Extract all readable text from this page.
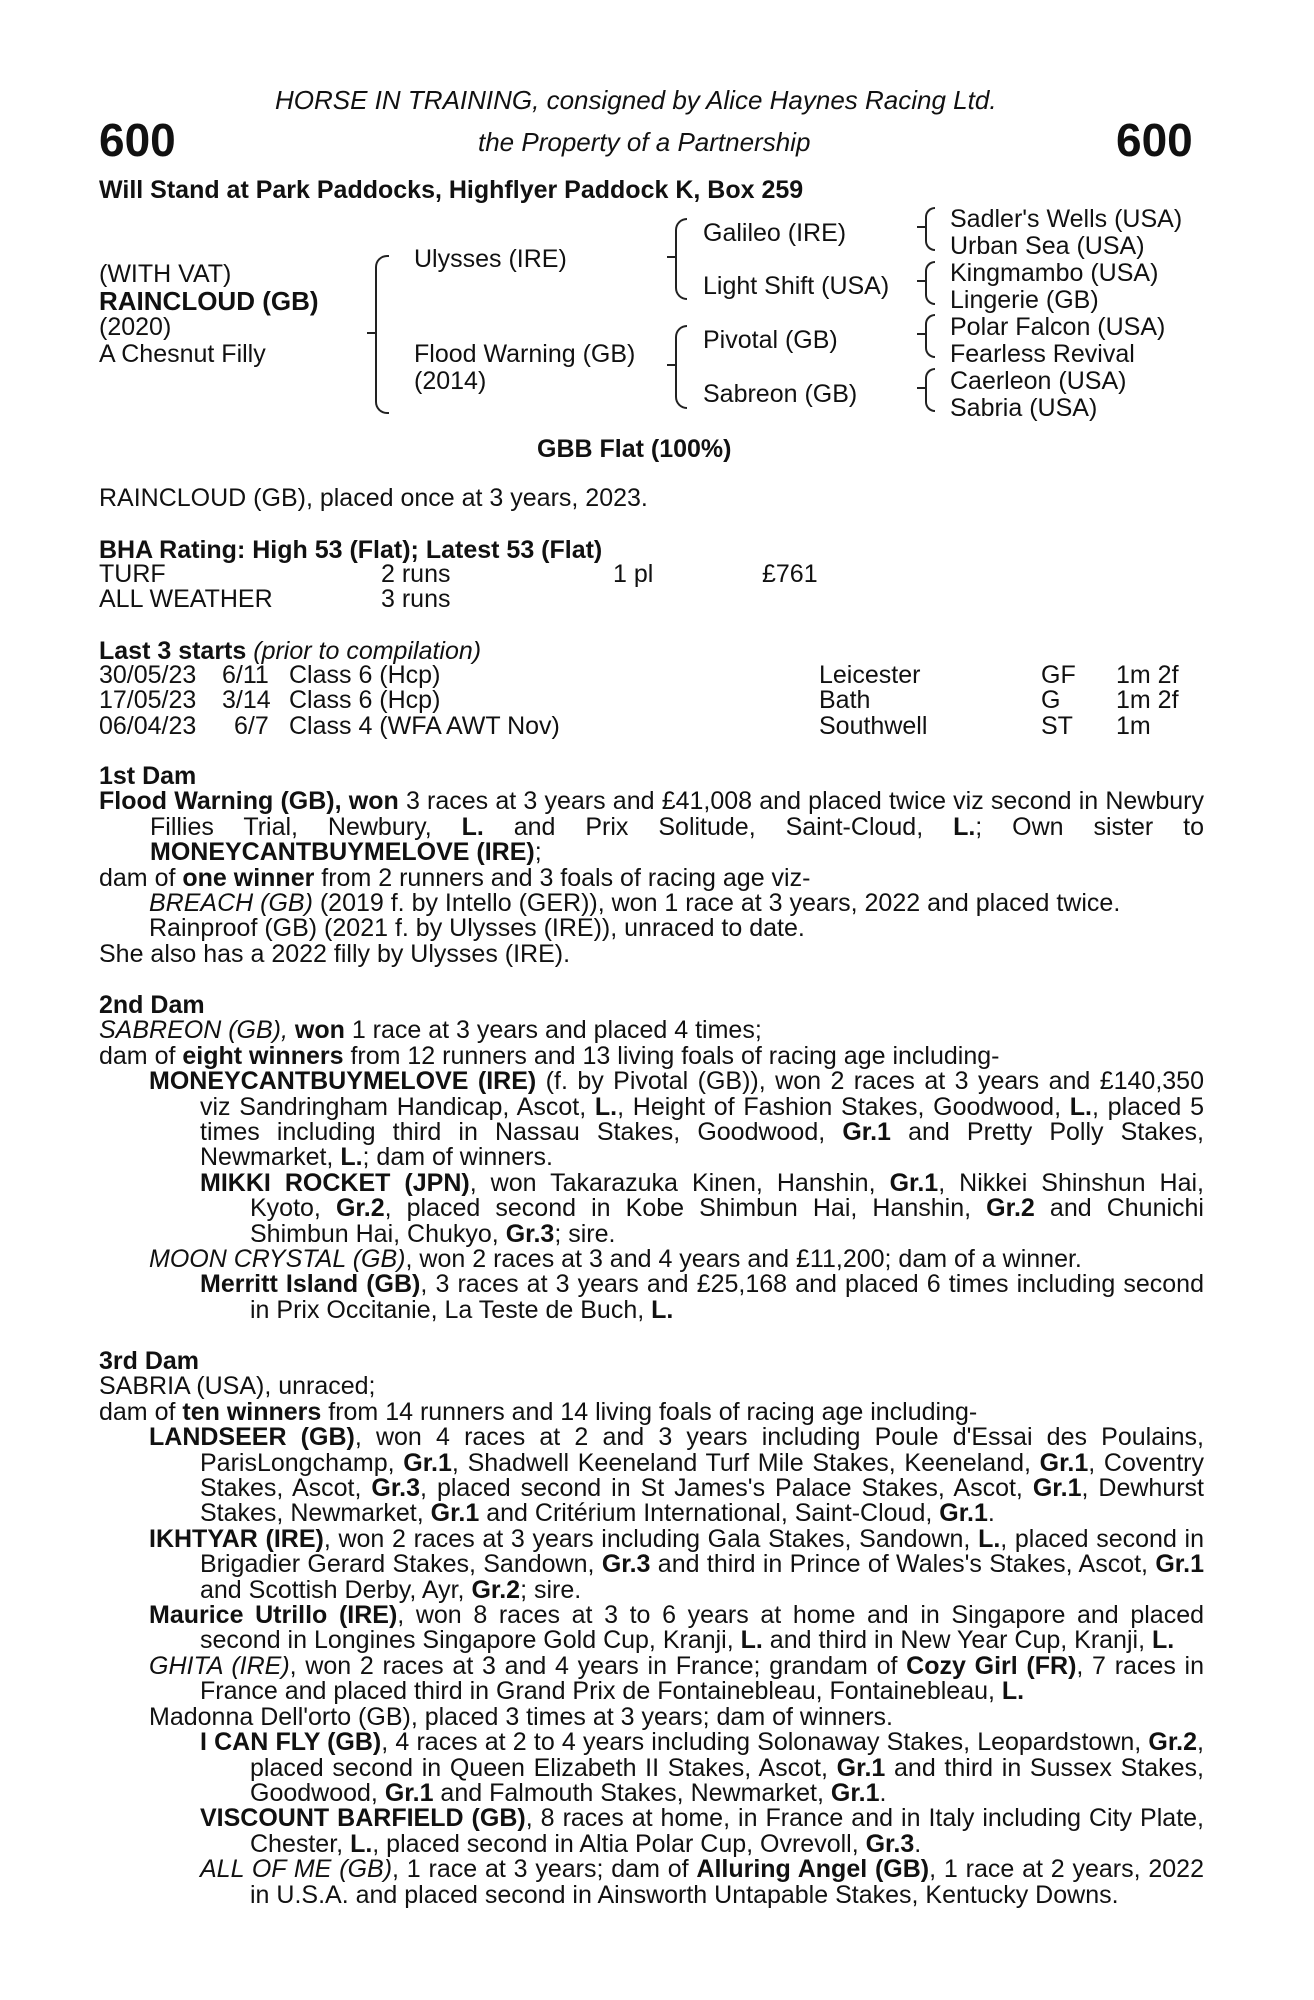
HORSE IN TRAINING, consigned by Alice Haynes Racing Ltd.
600	the Property of a Partnership	600
Will Stand at Park Paddocks, Highflyer Paddock K, Box 259
(WITH VAT)
RAINCLOUD (GB)
(2020)
A Chesnut Filly
Ulysses (IRE)
Flood Warning (GB)
(2014)
Galileo (IRE)
Light Shift (USA)
Pivotal (GB)
Sabreon (GB)
Sadler's Wells (USA)
Urban Sea (USA)
Kingmambo (USA)
Lingerie (GB)
Polar Falcon (USA)
Fearless Revival
Caerleon (USA)
Sabria (USA)
GBB Flat (100%)
RAINCLOUD (GB), placed once at 3 years, 2023.
BHA Rating: High 53 (Flat); Latest 53 (Flat)
TURF	2 runs	1 pl	£761
ALL WEATHER	3 runs
Last 3 starts (prior to compilation)
30/05/23 6/11 Class 6 (Hcp)	Leicester	GF 1m 2f
17/05/23 3/14 Class 6 (Hcp)	Bath	G 1m 2f
06/04/23 6/7 Class 4 (WFA AWT Nov)	Southwell	ST 1m

1st Dam

Flood Warning (GB), won 3 races at 3 years and £41,008 and placed twice viz second in Newbury Fillies Trial, Newbury, L. and Prix Solitude, Saint-Cloud, L.; Own sister to MONEYCANTBUYMELOVE (IRE);

dam of one winner from 2 runners and 3 foals of racing age viz-

BREACH (GB) (2019 f. by Intello (GER)), won 1 race at 3 years, 2022 and placed twice.

Rainproof (GB) (2021 f. by Ulysses (IRE)), unraced to date.

She also has a 2022 filly by Ulysses (IRE).

2nd Dam

SABREON (GB), won 1 race at 3 years and placed 4 times;

dam of eight winners from 12 runners and 13 living foals of racing age including-

MONEYCANTBUYMELOVE (IRE) (f. by Pivotal (GB)), won 2 races at 3 years and £140,350 viz Sandringham Handicap, Ascot, L., Height of Fashion Stakes, Goodwood, L., placed 5 times including third in Nassau Stakes, Goodwood, Gr.1 and Pretty Polly Stakes, Newmarket, L.; dam of winners.

MIKKI ROCKET (JPN), won Takarazuka Kinen, Hanshin, Gr.1, Nikkei Shinshun Hai, Kyoto, Gr.2, placed second in Kobe Shimbun Hai, Hanshin, Gr.2 and Chunichi Shimbun Hai, Chukyo, Gr.3; sire.

MOON CRYSTAL (GB), won 2 races at 3 and 4 years and £11,200; dam of a winner.

Merritt Island (GB), 3 races at 3 years and £25,168 and placed 6 times including second in Prix Occitanie, La Teste de Buch, L.

3rd Dam

SABRIA (USA), unraced;

dam of ten winners from 14 runners and 14 living foals of racing age including-

LANDSEER (GB), won 4 races at 2 and 3 years including Poule d'Essai des Poulains, ParisLongchamp, Gr.1, Shadwell Keeneland Turf Mile Stakes, Keeneland, Gr.1, Coventry Stakes, Ascot, Gr.3, placed second in St James's Palace Stakes, Ascot, Gr.1, Dewhurst Stakes, Newmarket, Gr.1 and Critérium International, Saint-Cloud, Gr.1.

IKHTYAR (IRE), won 2 races at 3 years including Gala Stakes, Sandown, L., placed second in Brigadier Gerard Stakes, Sandown, Gr.3 and third in Prince of Wales's Stakes, Ascot, Gr.1 and Scottish Derby, Ayr, Gr.2; sire.

Maurice Utrillo (IRE), won 8 races at 3 to 6 years at home and in Singapore and placed second in Longines Singapore Gold Cup, Kranji, L. and third in New Year Cup, Kranji, L.

GHITA (IRE), won 2 races at 3 and 4 years in France; grandam of Cozy Girl (FR), 7 races in France and placed third in Grand Prix de Fontainebleau, Fontainebleau, L.

Madonna Dell'orto (GB), placed 3 times at 3 years; dam of winners.

I CAN FLY (GB), 4 races at 2 to 4 years including Solonaway Stakes, Leopardstown, Gr.2, placed second in Queen Elizabeth II Stakes, Ascot, Gr.1 and third in Sussex Stakes, Goodwood, Gr.1 and Falmouth Stakes, Newmarket, Gr.1.

VISCOUNT BARFIELD (GB), 8 races at home, in France and in Italy including City Plate, Chester, L., placed second in Altia Polar Cup, Ovrevoll, Gr.3.

ALL OF ME (GB), 1 race at 3 years; dam of Alluring Angel (GB), 1 race at 2 years, 2022 in U.S.A. and placed second in Ainsworth Untapable Stakes, Kentucky Downs.
